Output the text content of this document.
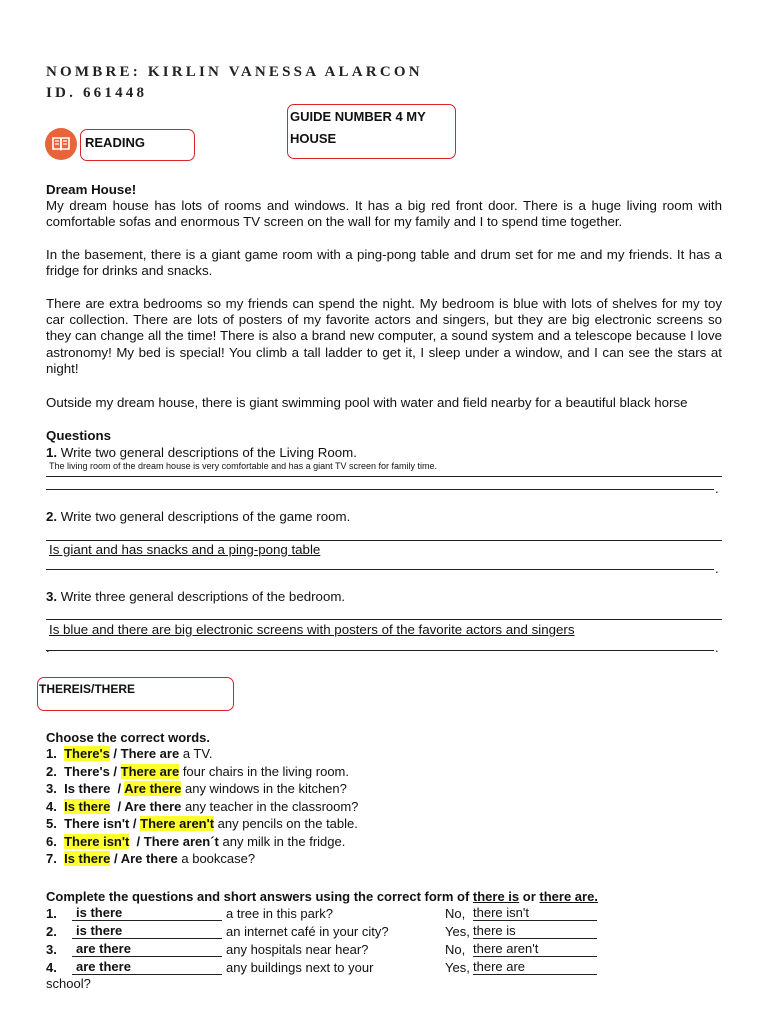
NOMBRE: KIRLIN VANESSA ALARCON
ID. 661448
READING
GUIDE NUMBER 4 MY HOUSE
Dream House!
My dream house has lots of rooms and windows. It has a big red front door. There is a huge living room with comfortable sofas and enormous TV screen on the wall for my family and I to spend time together.
In the basement, there is a giant game room with a ping-pong table and drum set for me and my friends. It has a fridge for drinks and snacks.
There are extra bedrooms so my friends can spend the night. My bedroom is blue with lots of shelves for my toy car collection. There are lots of posters of my favorite actors and singers, but they are big electronic screens so they can change all the time! There is also a brand new computer, a sound system and a telescope because I love astronomy! My bed is special! You climb a tall ladder to get it, I sleep under a window, and I can see the stars at night!
Outside my dream house, there is giant swimming pool with water and field nearby for a beautiful black horse
Questions
1. Write two general descriptions of the Living Room.
The living room of the dream house is very comfortable and has a giant TV screen for family time.
.
2. Write two general descriptions of the game room.
Is giant and has snacks and a ping-pong table
.
3. Write three general descriptions of the bedroom.
Is blue and there are big electronic screens with posters of the favorite actors and singers
.	.
THEREIS/THERE
Choose the correct words.
1. There's / There are a TV.
2. There's / There are four chairs in the living room.
3. Is there  / Are there any windows in the kitchen?
4. Is there  / Are there any teacher in the classroom?
5. There isn't / There aren't any pencils on the table.
6. There isn't  / There aren´t any milk in the fridge.
7. Is there / Are there a bookcase?
Complete the questions and short answers using the correct form of there is or there are.
1.	is there	a tree in this park?	No, there isn't
2.	is there	an internet café in your city?	Yes, there is
3.	are there	any hospitals near hear?	No, there aren't
4.	are there	any buildings next to your	Yes, there are
school?
